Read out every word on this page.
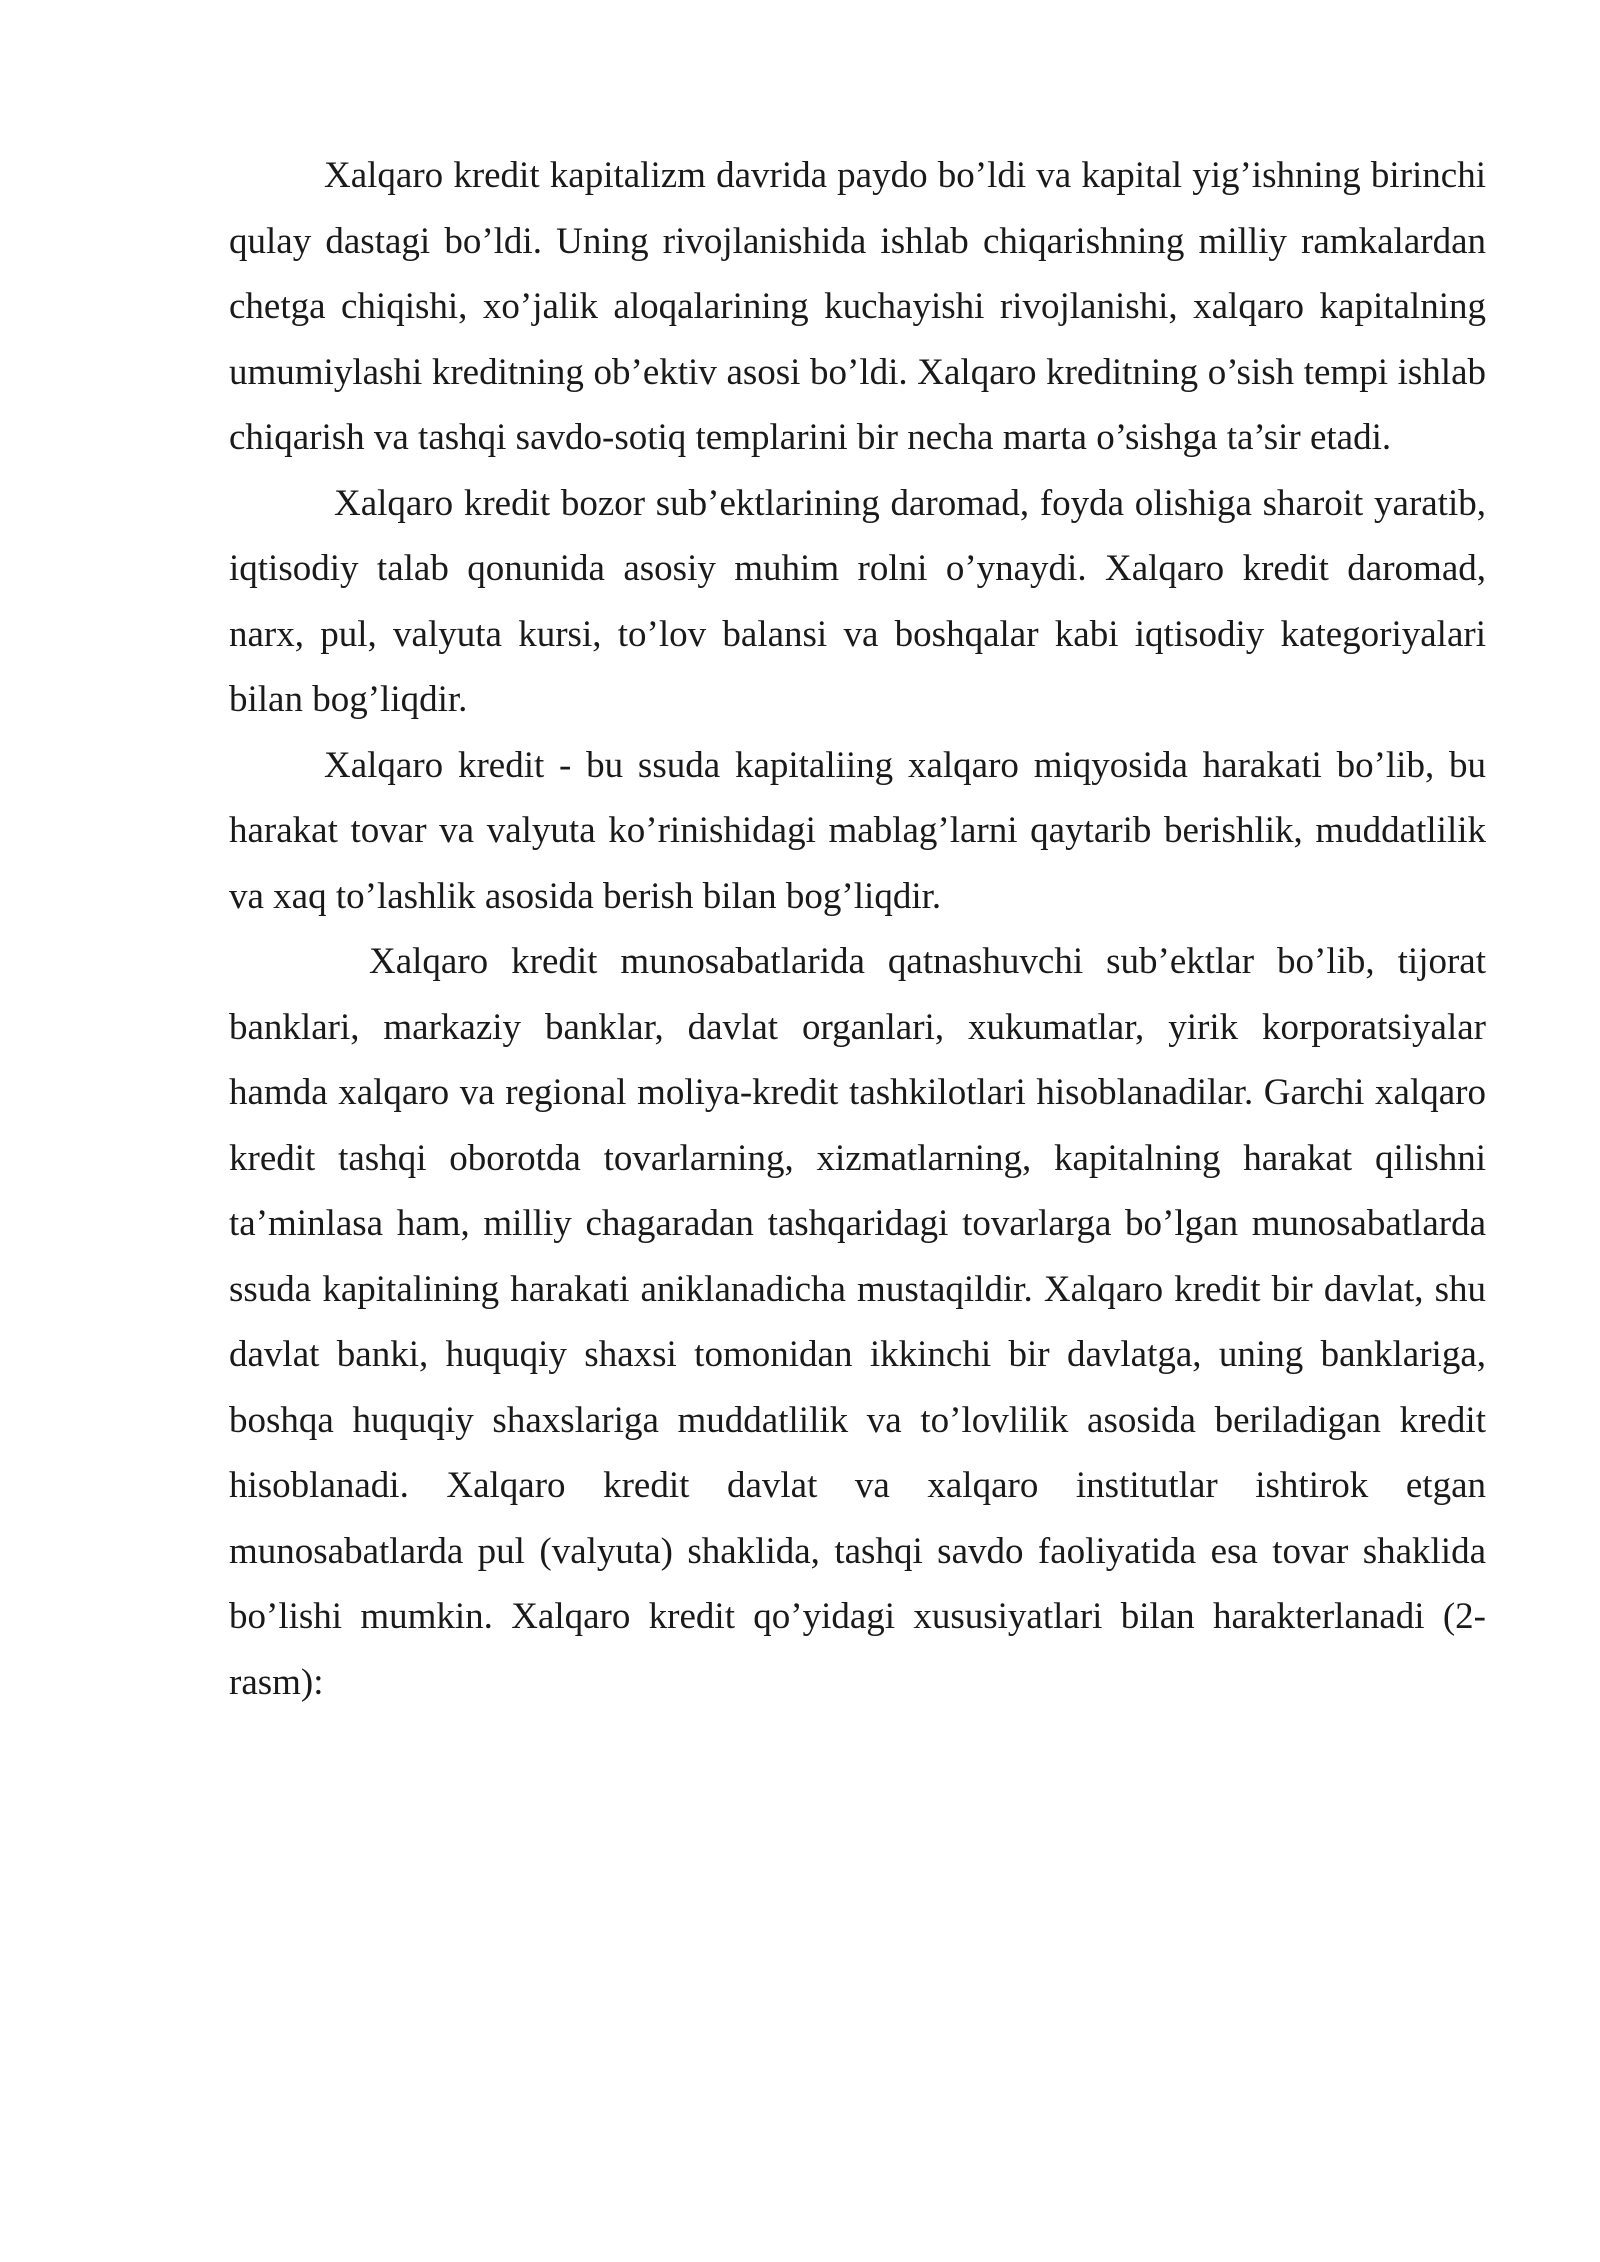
Xalqaro kredit kapitalizm davrida paydo bo’ldi va kapital yig’ishning birinchi qulay dastagi bo’ldi. Uning rivojlanishida ishlab chiqarishning milliy ramkalardan chetga chiqishi, xo’jalik aloqalarining kuchayishi rivojlanishi, xalqaro kapitalning umumiylashi kreditning ob’ektiv asosi bo’ldi. Xalqaro kreditning o’sish tempi ishlab chiqarish va tashqi savdo-sotiq templarini bir necha marta o’sishga ta’sir etadi.

Xalqaro kredit bozor sub’ektlarining daromad, foyda olishiga sharoit yaratib, iqtisodiy talab qonunida asosiy muhim rolni o’ynaydi. Xalqaro kredit daromad, narx, pul, valyuta kursi, to’lov balansi va boshqalar kabi iqtisodiy kategoriyalari bilan bog’liqdir.

Xalqaro kredit - bu ssuda kapitaliing xalqaro miqyosida harakati bo’lib, bu harakat tovar va valyuta ko’rinishidagi mablag’larni qaytarib berishlik, muddatlilik va xaq to’lashlik asosida berish bilan bog’liqdir.

Xalqaro kredit munosabatlarida qatnashuvchi sub’ektlar bo’lib, tijorat banklari, markaziy banklar, davlat organlari, xukumatlar, yirik korporatsiyalar hamda xalqaro va regional moliya-kredit tashkilotlari hisoblanadilar. Garchi xalqaro kredit tashqi oborotda tovarlarning, xizmatlarning, kapitalning harakat qilishni ta’minlasa ham, milliy chagaradan tashqaridagi tovarlarga bo’lgan munosabatlarda ssuda kapitalining harakati aniklanadicha mustaqildir. Xalqaro kredit bir davlat, shu davlat banki, huquqiy shaxsi tomonidan ikkinchi bir davlatga, uning banklariga, boshqa huquqiy shaxslariga muddatlilik va to’lovlilik asosida beriladigan kredit hisoblanadi. Xalqaro kredit davlat va xalqaro institutlar ishtirok etgan munosabatlarda pul (valyuta) shaklida, tashqi savdo faoliyatida esa tovar shaklida bo’lishi mumkin. Xalqaro kredit qo’yidagi xususiyatlari bilan harakterlanadi (2-rasm):
